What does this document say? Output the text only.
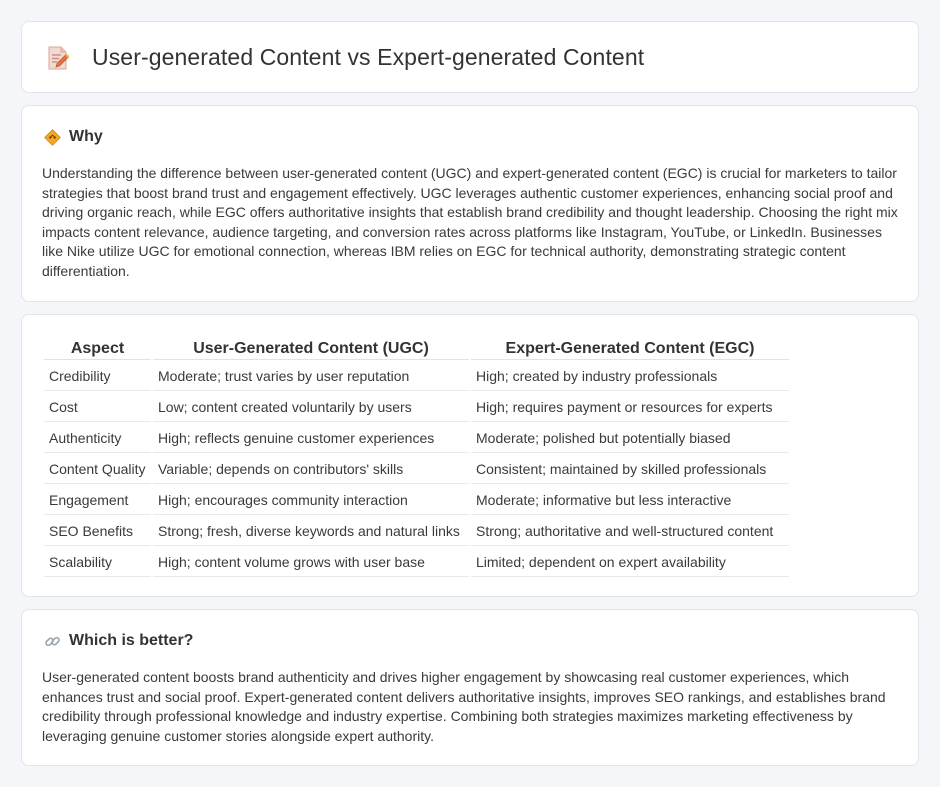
User-generated Content vs Expert-generated Content
Why

Understanding the difference between user-generated content (UGC) and expert-generated content (EGC) is crucial for marketers to tailor strategies that boost brand trust and engagement effectively. UGC leverages authentic customer experiences, enhancing social proof and driving organic reach, while EGC offers authoritative insights that establish brand credibility and thought leadership. Choosing the right mix impacts content relevance, audience targeting, and conversion rates across platforms like Instagram, YouTube, or LinkedIn. Businesses like Nike utilize UGC for emotional connection, whereas IBM relies on EGC for technical authority, demonstrating strategic content differentiation.

Aspect	User-Generated Content (UGC)	Expert-Generated Content (EGC)
Credibility	Moderate; trust varies by user reputation	High; created by industry professionals
Cost	Low; content created voluntarily by users	High; requires payment or resources for experts
Authenticity	High; reflects genuine customer experiences	Moderate; polished but potentially biased
Content Quality	Variable; depends on contributors' skills	Consistent; maintained by skilled professionals
Engagement	High; encourages community interaction	Moderate; informative but less interactive
SEO Benefits	Strong; fresh, diverse keywords and natural links	Strong; authoritative and well-structured content
Scalability	High; content volume grows with user base	Limited; dependent on expert availability
Which is better?

User-generated content boosts brand authenticity and drives higher engagement by showcasing real customer experiences, which enhances trust and social proof. Expert-generated content delivers authoritative insights, improves SEO rankings, and establishes brand credibility through professional knowledge and industry expertise. Combining both strategies maximizes marketing effectiveness by leveraging genuine customer stories alongside expert authority.
